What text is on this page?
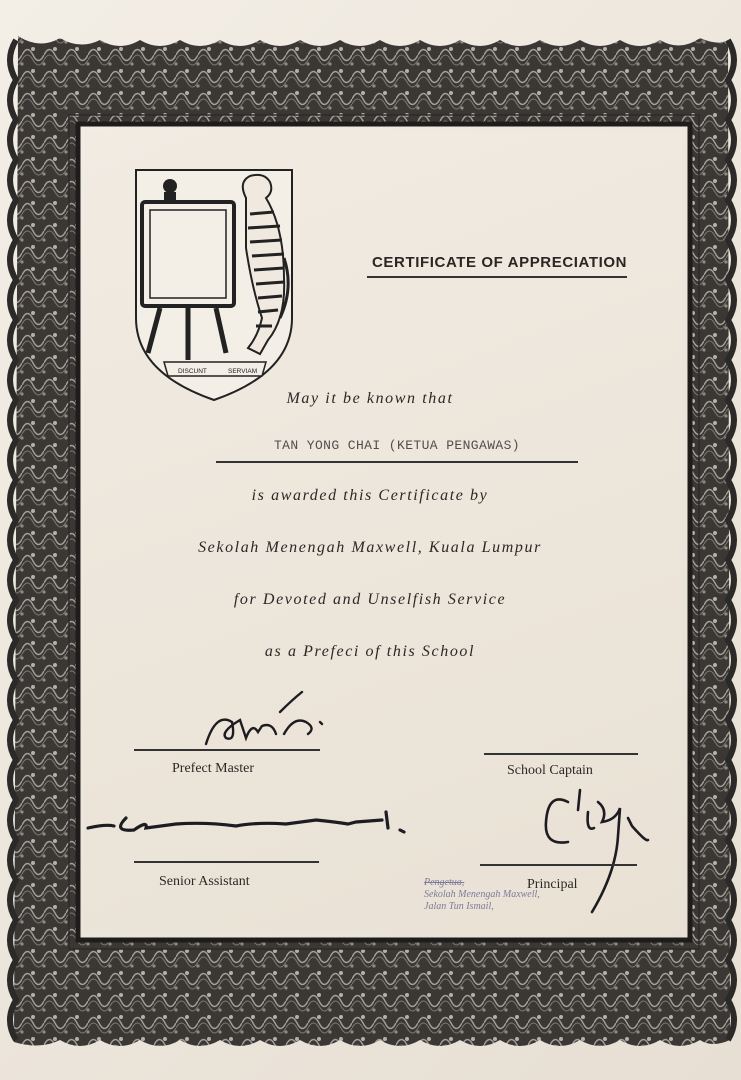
DISCUNT	SERVIAM
CERTIFICATE OF APPRECIATION
May it be known that
TAN YONG CHAI (KETUA PENGAWAS)
is awarded this Certificate by
Sekolah Menengah Maxwell, Kuala Lumpur
for Devoted and Unselfish Service
as a Prefeci of this School
Prefect Master	School Captain
Senior Assistant	Principal
Pengetua,
Sekolah Menengah Maxwell,
Jalan Tun Ismail,
